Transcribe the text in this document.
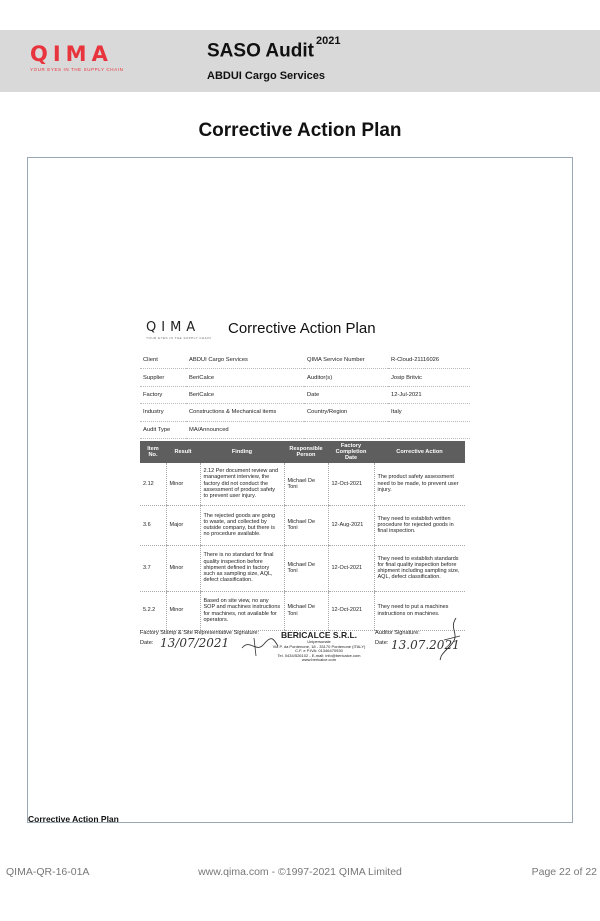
QIMA
YOUR EYES IN THE SUPPLY CHAIN
SASO Audit $^{2021}$
ABDUI Cargo Services
Corrective Action Plan
QIMA
YOUR EYES IN THE SUPPLY CHAIN
Corrective Action Plan
Client	ABDUI Cargo Services	QIMA Service Number	R-Cloud-21116026
Supplier	BeriCalce	Auditor(s)	Josip Britvic
Factory	BeriCalce	Date	12-Jul-2021
Industry	Constructions & Mechanical items	Country/Region	Italy
Audit Type	MA/Announced		
Item No.	Result	Finding	Responsible Person	Factory Completion Date	Corrective Action
2.12	Minor	2.12 Per document review and management interview, the factory did not conduct the assessment of product safety to prevent user injury.	Michael De Toni	12-Oct-2021	The product safety assessment need to be made, to prevent user injury.
3.6	Major	The rejected goods are going to waste, and collected by outside company, but there is no procedure available.	Michael De Toni	12-Aug-2021	They need to establish written procedure for rejected goods in final inspection.
3.7	Minor	There is no standard for final quality inspection before shipment defined in factory such as sampling size, AQL, defect classification.	Michael De Toni	12-Oct-2021	They need to establish standards for final quality inspection before shipment including sampling size, AQL, defect classification.
5.2.2	Minor	Based on site view, no any SOP and machines instructions for machines, not available for operators.	Michael De Toni	12-Oct-2021	They need to put a machines instructions on machines.
Factory Stamp & Site Representative Signature:
Date: 13/07/2021
BERICALCE S.R.L.
Unipersonale
Via P. da Pordenone, 18 - 33170 Pordenone (ITALY)
C.F. e P.IVA: 01346470930
Tel. 0434/526102 - E-mail: info@bericalce.com
www.bericalce.com
Auditor Signature:
Date: 13.07.2021
Corrective Action Plan
QIMA-QR-16-01A	www.qima.com - ©1997-2021 QIMA Limited	Page 22 of 22
